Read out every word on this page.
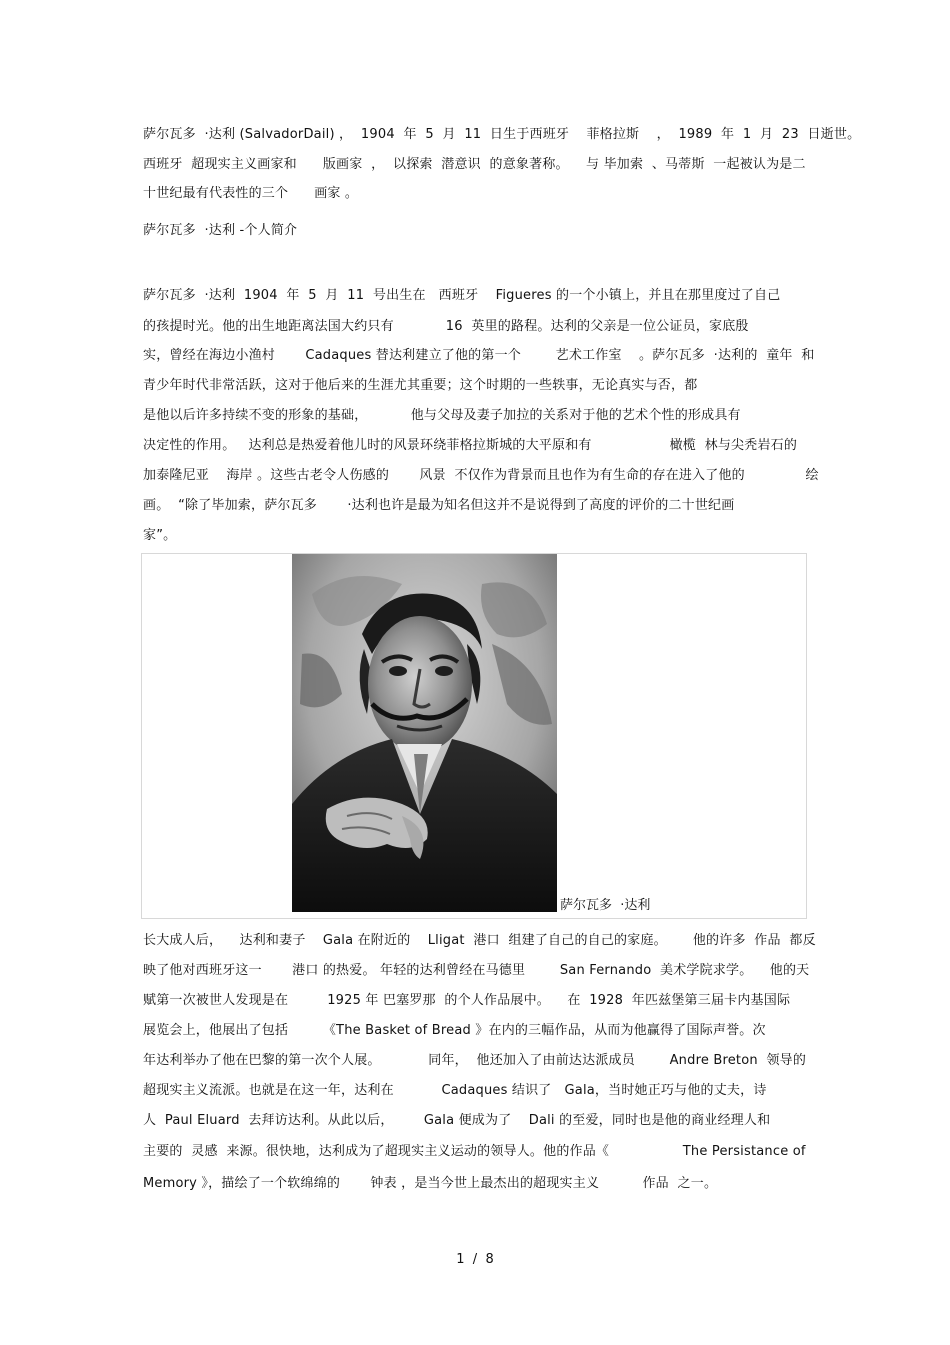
萨尔瓦多  ·达利 (SalvadorDail) ，  1904  年  5  月  11  日生于西班牙    菲格拉斯    ，  1989  年  1  月  23  日逝世。
西班牙  超现实主义画家和      版画家  ，  以探索  潜意识  的意象著称。    与 毕加索  、马蒂斯  一起被认为是二
十世纪最有代表性的三个      画家 。
萨尔瓦多  ·达利 -个人简介
萨尔瓦多  ·达利  1904  年  5  月  11  号出生在   西班牙    Figueres 的一个小镇上，并且在那里度过了自己
的孩提时光。他的出生地距离法国大约只有            16  英里的路程。达利的父亲是一位公证员，家底殷
实，曾经在海边小渔村       Cadaques 替达利建立了他的第一个        艺术工作室    。萨尔瓦多  ·达利的  童年  和
青少年时代非常活跃，这对于他后来的生涯尤其重要；这个时期的一些轶事，无论真实与否，都
是他以后许多持续不变的形象的基础，          他与父母及妻子加拉的关系对于他的艺术个性的形成具有
决定性的作用。   达利总是热爱着他儿时的风景环绕菲格拉斯城的大平原和有                  橄榄  林与尖秃岩石的
加泰隆尼亚    海岸 。这些古老令人伤感的       风景  不仅作为背景而且也作为有生命的存在进入了他的              绘
画。  “除了毕加索，萨尔瓦多       ·达利也许是最为知名但这并不是说得到了高度的评价的二十世纪画
家”。
萨尔瓦多  ·达利
长大成人后，    达利和妻子    Gala 在附近的    Lligat  港口  组建了自己的自己的家庭。      他的许多  作品  都反
映了他对西班牙这一       港口 的热爱。 年轻的达利曾经在马德里        San Fernando  美术学院求学。    他的天
赋第一次被世人发现是在         1925 年 巴塞罗那  的个人作品展中。    在  1928  年匹兹堡第三届卡内基国际
展览会上，他展出了包括        《The Basket of Bread 》在内的三幅作品，从而为他赢得了国际声誉。次
年达利举办了他在巴黎的第一次个人展。           同年，  他还加入了由前达达派成员        Andre Breton  领导的
超现实主义流派。也就是在这一年，达利在           Cadaques 结识了   Gala，当时她正巧与他的丈夫，诗
人  Paul Eluard  去拜访达利。从此以后，       Gala 便成为了    Dali 的至爱，同时也是他的商业经理人和
主要的  灵感  来源。很快地，达利成为了超现实主义运动的领导人。他的作品《                 The Persistance of
Memory 》，描绘了一个软绵绵的       钟表 ，是当今世上最杰出的超现实主义          作品  之一。
1  /  8
